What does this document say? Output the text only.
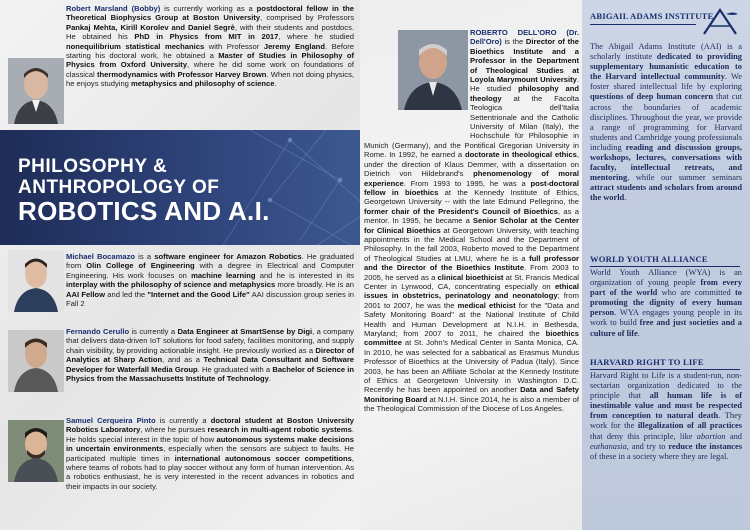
Robert Marsland (Bobby) is currently working as a postdoctoral fellow in the Theoretical Biophysics Group at Boston University, comprised by Professors Pankaj Mehta, Kirill Korolev and Daniel Segrè, with their students and postdocs. He obtained his PhD in Physics from MIT in 2017, where he studied nonequilibrium statistical mechanics with Professor Jeremy England. Before starting his doctoral work, he obtained a Master of Studies in Philosophy of Physics from Oxford University, where he did some work on foundations of classical thermodynamics with Professor Harvey Brown. When not doing physics, he enjoys studying metaphysics and philosophy of science.
PHILOSOPHY &
ANTHROPOLOGY OF
ROBOTICS AND A.I.
Michael Bocamazo is a software engineer for Amazon Robotics. He graduated from Olin College of Engineering with a degree in Electrical and Computer Engineering. His work focuses on machine learning and he is interested in its interplay with the philosophy of science and metaphysics more broadly. He is an AAI Fellow and led the "Internet and the Good Life" AAI discussion group series in Fall 2
Fernando Cerullo is currently a Data Engineer at SmartSense by Digi, a company that delivers data-driven IoT solutions for food safety, facilities monitoring, and supply chain visibility, by providing actionable insight. He previously worked as a Director of Analytics at Sharp Action, and as a Technical Data Consultant and Software Developer for Waterfall Media Group. He graduated with a Bachelor of Science in Physics from the Massachusetts Institute of Technology.
Samuel Cerqueira Pinto is currently a doctoral student at Boston University Robotics Laboratory, where he pursues research in multi-agent robotic systems. He holds special interest in the topic of how autonomous systems make decisions in uncertain environments, especially when the sensors are subject to faults. He participated multiple times in international autonomous soccer competitions, where teams of robots had to play soccer without any form of human intervention. As a robotics enthusiast, he is very interested in the recent advances in robotics and their impacts in our society.
ROBERTO DELL'ORO (Dr. Dell'Oro) is the Director of the Bioethics Institute and a Professor in the Department of Theological Studies at Loyola Marymount University. He studied philosophy and theology at the Facolta Teologica dell'Italia Settentrionale and the Catholic University of Milan (Italy), the Hochschule für Philosophie in Munich (Germany), and the Pontifical Gregorian University in Rome. In 1992, he earned a doctorate in theological ethics, under the direction of Klaus Demmer, with a dissertation on Dietrich von Hildebrand's phenomenology of moral experience. From 1993 to 1995, he was a post-doctoral fellow in bioethics at the Kennedy Institute of Ethics, Georgetown University -- with the late Edmund Pellegrino, the former chair of the President's Council of Bioethics, as a mentor. In 1995, he became a Senior Scholar at the Center for Clinical Bioethics at Georgetown University, with teaching appointments in the Medical School and the Department of Philosophy. In the fall 2003, Roberto moved to the Department of Theological Studies at LMU, where he is a full professor and the Director of the Bioethics Institute. From 2003 to 2005, he served as a clinical bioethicist at St. Francis Medical Center in Lynwood, CA, concentrating especially on ethical issues in obstetrics, perinatology and neonatology; from 2001 to 2007, he was the medical ethicist for the "Data and Safety Monitoring Board" at the National Institute of Child Health and Human Development at N.I.H. in Bethesda, Maryland; from 2007 to 2011, he chaired the bioethics committee at St. John's Medical Center in Santa Monica, CA. In 2010, he was selected for a sabbatical as Erasmus Mundus Professor of Bioethics at the University of Padua (Italy). Since 2003, he has been an Affiliate Scholar at the Kennedy Institute of Ethics at Georgetown University in Washington D.C. Recently he has been appointed on another Data and Safety Monitoring Board at N.I.H. Since 2014, he is also a member of the Theological Commission of the Diocese of Los Angeles.
ABIGAIL ADAMS INSTITUTE
The Abigail Adams Institute (AAI) is a scholarly institute dedicated to providing supplementary humanistic education to the Harvard intellectual community. We foster shared intellectual life by exploring questions of deep human concern that cut across the boundaries of academic disciplines. Throughout the year, we provide a range of programming for Harvard students and Cambridge young professionals including reading and discussion groups, workshops, lectures, conversations with faculty, intellectual retreats, and mentoring, while our summer seminars attract students and scholars from around the world.
WORLD YOUTH ALLIANCE
World Youth Alliance (WYA) is an organization of young people from every part of the world who are committed to promoting the dignity of every human person. WYA engages young people in its work to build free and just societies and a culture of life.
HARVARD RIGHT TO LIFE
Harvard Right to Life is a student-run, non-sectarian organization dedicated to the principle that all human life is of inestimable value and must be respected from conception to natural death. They work for the illegalization of all practices that deny this principle, like abortion and euthanasia, and try to reduce the instances of these in a society where they are legal.
